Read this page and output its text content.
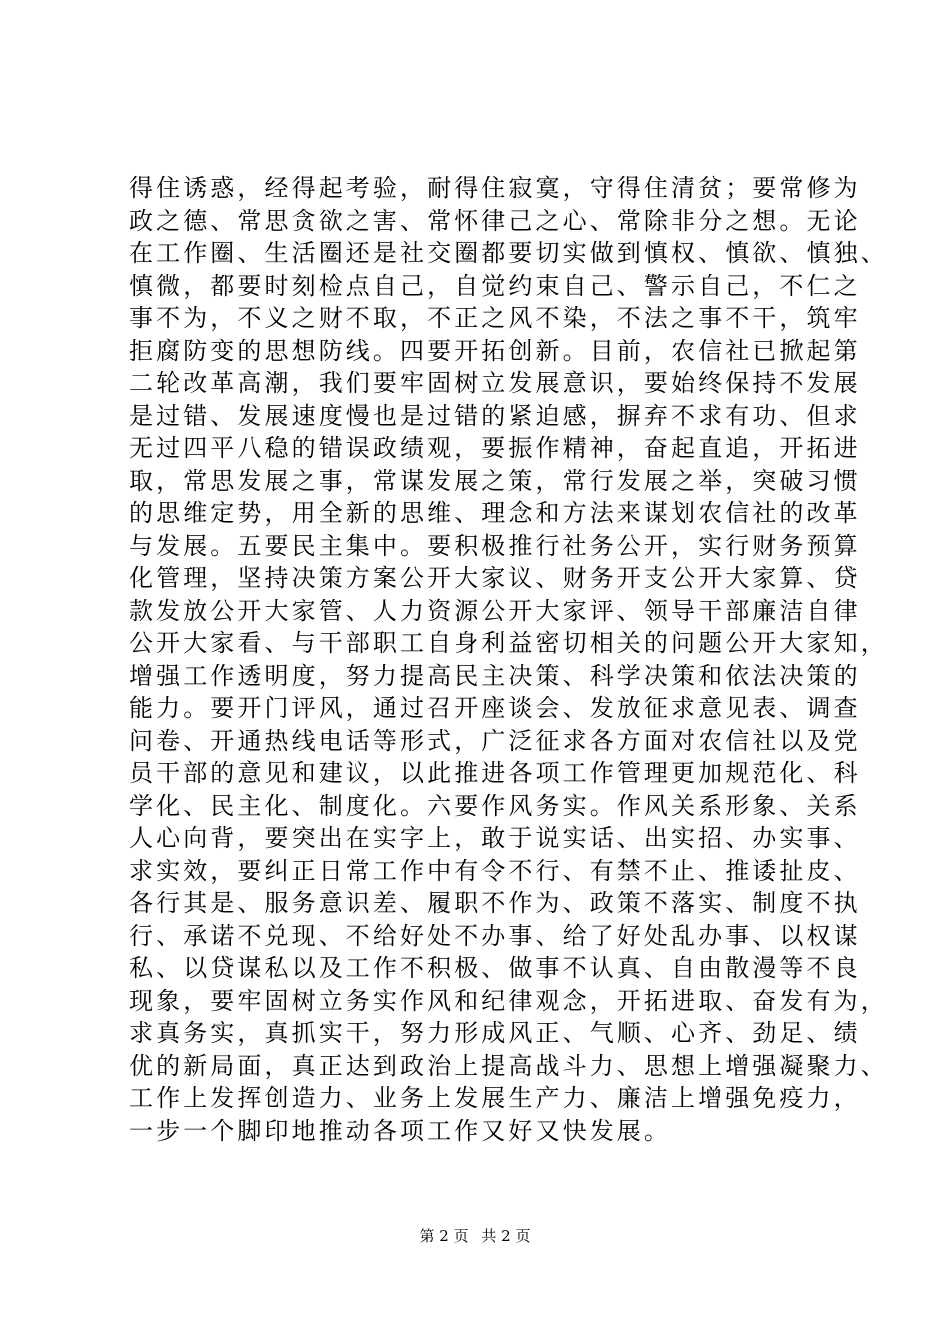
得住诱惑，经得起考验，耐得住寂寞，守得住清贫；要常修为
政之德、常思贪欲之害、常怀律己之心、常除非分之想。无论
在工作圈、生活圈还是社交圈都要切实做到慎权、慎欲、慎独、
慎微，都要时刻检点自己，自觉约束自己、警示自己，不仁之
事不为，不义之财不取，不正之风不染，不法之事不干，筑牢
拒腐防变的思想防线。四要开拓创新。目前，农信社已掀起第
二轮改革高潮，我们要牢固树立发展意识，要始终保持不发展
是过错、发展速度慢也是过错的紧迫感，摒弃不求有功、但求
无过四平八稳的错误政绩观，要振作精神，奋起直追，开拓进
取，常思发展之事，常谋发展之策，常行发展之举，突破习惯
的思维定势，用全新的思维、理念和方法来谋划农信社的改革
与发展。五要民主集中。要积极推行社务公开，实行财务预算
化管理，坚持决策方案公开大家议、财务开支公开大家算、贷
款发放公开大家管、人力资源公开大家评、领导干部廉洁自律
公开大家看、与干部职工自身利益密切相关的问题公开大家知，
增强工作透明度，努力提高民主决策、科学决策和依法决策的
能力。要开门评风，通过召开座谈会、发放征求意见表、调查
问卷、开通热线电话等形式，广泛征求各方面对农信社以及党
员干部的意见和建议，以此推进各项工作管理更加规范化、科
学化、民主化、制度化。六要作风务实。作风关系形象、关系
人心向背，要突出在实字上，敢于说实话、出实招、办实事、
求实效，要纠正日常工作中有令不行、有禁不止、推诿扯皮、
各行其是、服务意识差、履职不作为、政策不落实、制度不执
行、承诺不兑现、不给好处不办事、给了好处乱办事、以权谋
私、以贷谋私以及工作不积极、做事不认真、自由散漫等不良
现象，要牢固树立务实作风和纪律观念，开拓进取、奋发有为，
求真务实，真抓实干，努力形成风正、气顺、心齐、劲足、绩
优的新局面，真正达到政治上提高战斗力、思想上增强凝聚力、
工作上发挥创造力、业务上发展生产力、廉洁上增强免疫力，
一步一个脚印地推动各项工作又好又快发展。
第 2 页 共 2 页
